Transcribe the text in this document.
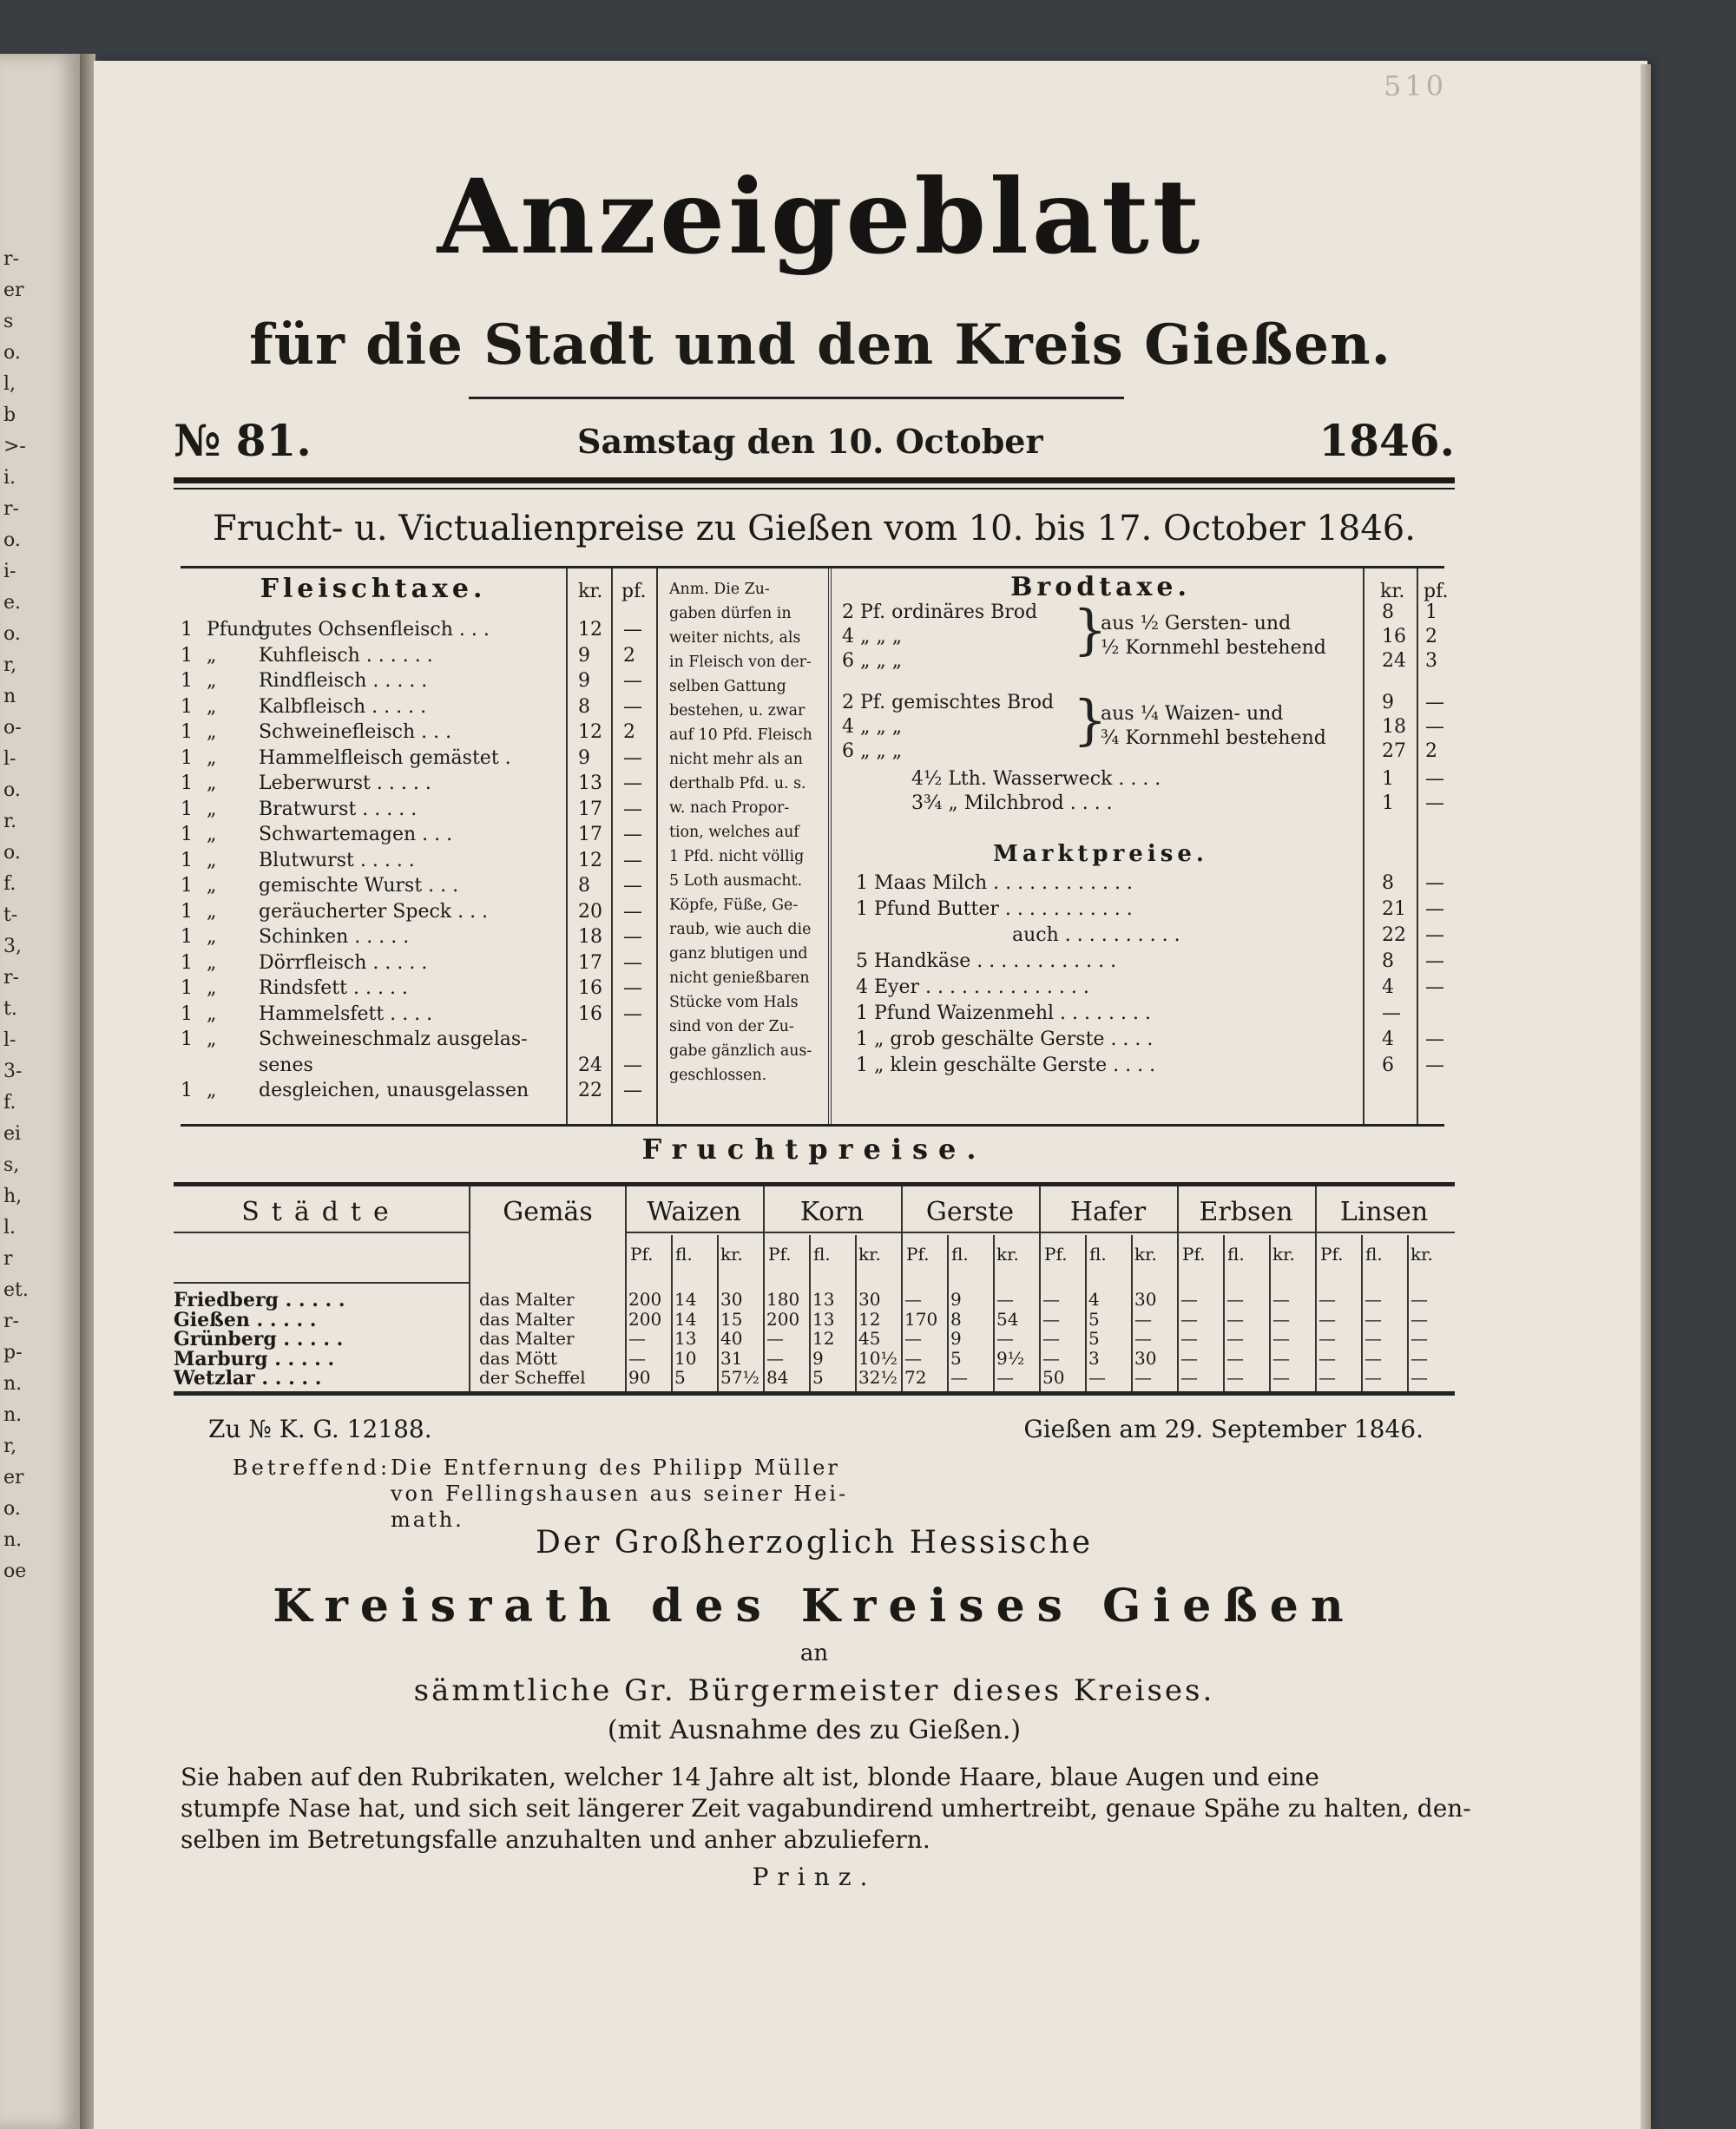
r-
er
s
o.
l,
b
>-
i.
r-
o.
i-
e.
o.
r,
n
o-
l-
o.
r.
o.
f.
t-
3,
r-
t.
l-
3-
f.
ei
s,
h,
l.
r
et.
r-
p-
n.
n.
r,
er
o.
n.
oe
510
Anzeigeblatt
für die Stadt und den Kreis Gießen.
№ 81.	Samstag den 10. October	1846.
Frucht- u. Victualienpreise zu Gießen vom 10. bis 17. October 1846.
Fleischtaxe.	kr. pf.
1 Pfund
gutes Ochsenfleisch . . .	12 —
1 „ Kuhfleisch . . . . . .	9 2
1 „ Rindfleisch . . . . .	9 —
1 „ Kalbfleisch . . . . .	8 —
1 „ Schweinefleisch . . .	12 2
1 „ Hammelfleisch gemästet .	9 —
1 „ Leberwurst . . . . .	13 —
1 „ Bratwurst . . . . .	17 —
1 „ Schwartemagen . . .	17 —
1 „ Blutwurst . . . . .	12 —
1 „ gemischte Wurst . . .	8 —
1 „ geräucherter Speck . . .	20 —
1 „ Schinken . . . . .	18 —
1 „ Dörrfleisch . . . . .	17 —
1 „ Rindsfett . . . . .	16 —
1 „ Hammelsfett . . . .	16 —
1 „ Schweineschmalz ausgelas-
senes	24 —
1 „ desgleichen, unausgelassen	22 —
Anm. Die Zu-
gaben dürfen in
weiter nichts, als
in Fleisch von der-
selben Gattung
bestehen, u. zwar
auf 10 Pfd. Fleisch
nicht mehr als an
derthalb Pfd. u. s.
w. nach Propor-
tion, welches auf
1 Pfd. nicht völlig
5 Loth ausmacht.
Köpfe, Füße, Ge-
raub, wie auch die
ganz blutigen und
nicht genießbaren
Stücke vom Hals
sind von der Zu-
gabe gänzlich aus-
geschlossen.
Brodtaxe.	kr. pf.
}
aus ½ Gersten- und
½ Kornmehl bestehend
}
aus ¼ Waizen- und
¾ Kornmehl bestehend
2 Pf. ordinäres Brod	8 1
4 „ „ „	16 2
6 „ „ „	24 3
2 Pf. gemischtes Brod	9 —
4 „ „ „	18 —
6 „ „ „	27 2
4½ Lth. Wasserweck . . . .	1 —
3¾ „ Milchbrod . . . .	1 —
Marktpreise.
1 Maas Milch . . . . . . . . . . . .	8 —
1 Pfund Butter . . . . . . . . . . .	21 —
auch . . . . . . . . . .	22 —
5 Handkäse . . . . . . . . . . . .	8 —
4 Eyer . . . . . . . . . . . . . .	4 —
1 Pfund Waizenmehl . . . . . . . .	—
1 „ grob geschälte Gerste . . . .	4 —
1 „ klein geschälte Gerste . . . .	6 —
Fruchtpreise.
Städte	Gemäs	Waizen
Pf. fl. kr.
Korn
Pf. fl. kr.
Gerste
Pf. fl. kr.
Hafer
Pf. fl. kr.
Erbsen
Pf. fl. kr.
Linsen
Pf. fl. kr.
Friedberg . . . . .	das Malter	200 14 30 180 13 30 — 9 — — 4 30 — — — — — —
Gießen . . . . .	das Malter	200 14 15 200 13 12 170 8 54 — 5 — — — — — — —
Grünberg . . . . .	das Malter	— 13 40 — 12 45 — 9 — — 5 — — — — — — —
Marburg . . . . .	das Mött	— 10 31 — 9 10½ — 5 9½ — 3 30 — — — — — —
Wetzlar . . . . .	der Scheffel 90 5 57½ 84 5 32½ 72 — — 50 — — — — — — — —
Zu № K. G. 12188.	Gießen am 29. September 1846.
Betreffend: Die Entfernung des Philipp Müller
von Fellingshausen aus seiner Hei-
math.
Der Großherzoglich Hessische
Kreisrath des Kreises Gießen
an
sämmtliche Gr. Bürgermeister dieses Kreises.
(mit Ausnahme des zu Gießen.)
Sie haben auf den Rubrikaten, welcher 14 Jahre alt ist, blonde Haare, blaue Augen und eine
stumpfe Nase hat, und sich seit längerer Zeit vagabundirend umhertreibt, genaue Spähe zu halten, den-
selben im Betretungsfalle anzuhalten und anher abzuliefern.
Prinz.
